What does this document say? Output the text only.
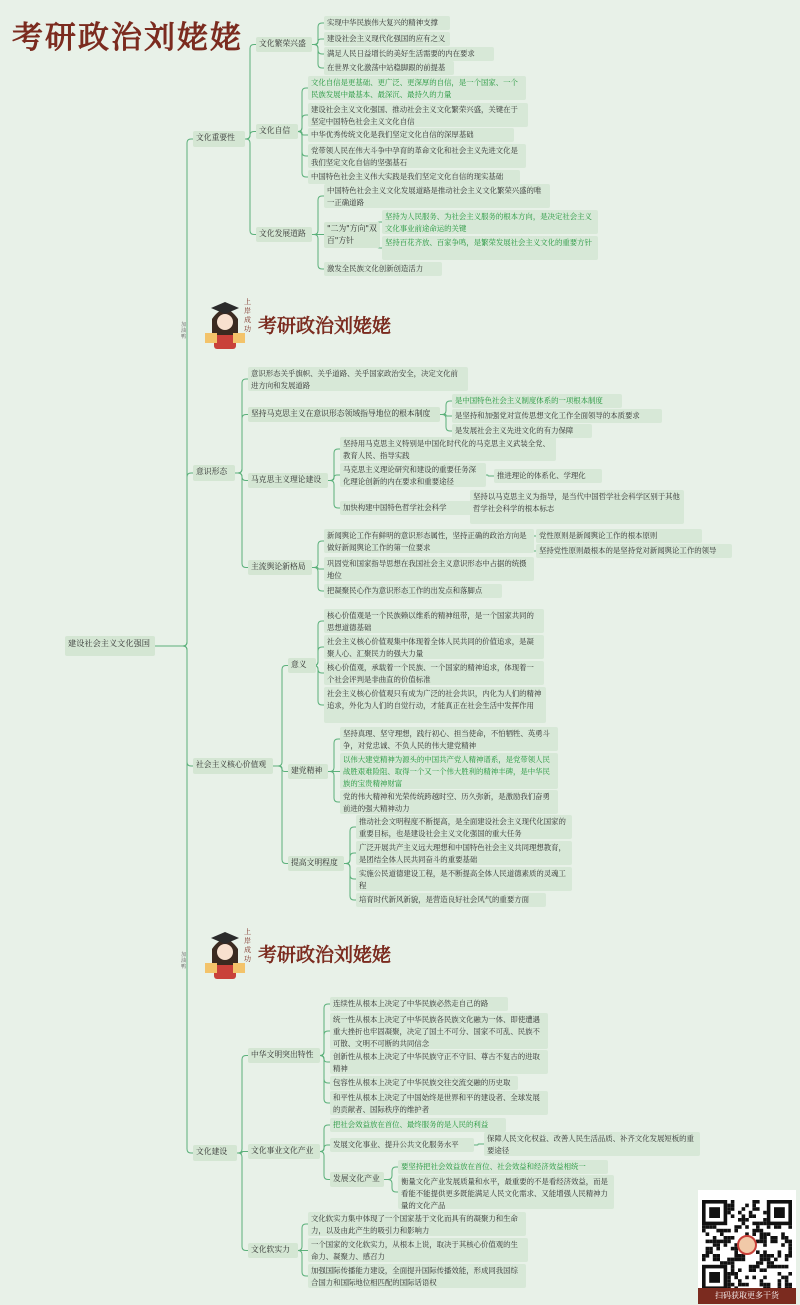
考研政治刘姥姥
上岸成功
加油鸭	考研政治刘姥姥
上岸成功
加油鸭
考研政治刘姥姥
扫码获取更多干货
建设社会主义文化强国
文化重要性
文化繁荣兴盛
实现中华民族伟大复兴的精神支撑
建设社会主义现代化强国的应有之义
满足人民日益增长的美好生活需要的内在要求
在世界文化激荡中站稳脚跟的前提基
文化自信
文化自信是更基础、更广泛、更深厚的自信，是一个国家、一个民族发展中最基本、最深沉、最持久的力量
建设社会主义文化强国、推动社会主义文化繁荣兴盛，关键在于坚定中国特色社会主义文化自信
中华优秀传统文化是我们坚定文化自信的深厚基础
党带领人民在伟大斗争中孕育的革命文化和社会主义先进文化是我们坚定文化自信的坚强基石
中国特色社会主义伟大实践是我们坚定文化自信的现实基础
文化发展道路
中国特色社会主义文化发展道路是推动社会主义文化繁荣兴盛的唯一正确道路
"二为"方向"双百"方针
坚持为人民服务、为社会主义服务的根本方向，是决定社会主义文化事业前途命运的关键
坚持百花齐放、百家争鸣，是繁荣发展社会主义文化的重要方针
激发全民族文化创新创造活力
意识形态
意识形态关乎旗帜、关乎道路、关乎国家政治安全，决定文化前进方向和发展道路
坚持马克思主义在意识形态领域指导地位的根本制度
是中国特色社会主义制度体系的一项根本制度
是坚持和加强党对宣传思想文化工作全面领导的本质要求
是发展社会主义先进文化的有力保障
马克思主义理论建设
坚持用马克思主义特别是中国化时代化的马克思主义武装全党、教育人民、指导实践
马克思主义理论研究和建设的重要任务深化理论创新的内在要求和重要途径
推进理论的体系化、学理化
加快构建中国特色哲学社会科学
坚持以马克思主义为指导，是当代中国哲学社会科学区别于其他哲学社会科学的根本标志
主流舆论新格局
新闻舆论工作有鲜明的意识形态属性，坚持正确的政治方向是做好新闻舆论工作的第一位要求
党性原则是新闻舆论工作的根本原则
坚持党性原则最根本的是坚持党对新闻舆论工作的领导
巩固党和国家指导思想在我国社会主义意识形态中占据的统摄地位
把凝聚民心作为意识形态工作的出发点和落脚点
社会主义核心价值观
意义
核心价值观是一个民族赖以维系的精神纽带，是一个国家共同的思想道德基础
社会主义核心价值观集中体现着全体人民共同的价值追求，是凝聚人心、汇聚民力的强大力量
核心价值观，承载着一个民族、一个国家的精神追求，体现着一个社会评判是非曲直的价值标准
社会主义核心价值观只有成为广泛的社会共识，内化为人们的精神追求，外化为人们的自觉行动，才能真正在社会生活中发挥作用
建党精神
坚持真理、坚守理想，践行初心、担当使命，不怕牺牲、英勇斗争，对党忠诚、不负人民的伟大建党精神
以伟大建党精神为源头的中国共产党人精神谱系，是党带领人民战胜艰难险阻、取得一个又一个伟大胜利的精神丰碑，是中华民族的宝贵精神财富
党的伟大精神和光荣传统跨越时空、历久弥新，是激励我们奋勇前进的强大精神动力
提高文明程度
推动社会文明程度不断提高，是全面建设社会主义现代化国家的重要目标，也是建设社会主义文化强国的重大任务
广泛开展共产主义远大理想和中国特色社会主义共同理想教育，是团结全体人民共同奋斗的重要基础
实施公民道德建设工程，是不断提高全体人民道德素质的灵魂工程
培育时代新风新貌，是营造良好社会风气的重要方面
文化建设
中华文明突出特性
连续性从根本上决定了中华民族必然走自己的路
统一性从根本上决定了中华民族各民族文化融为一体、即使遭遇重大挫折也牢固凝聚，决定了国土不可分、国家不可乱、民族不可散、文明不可断的共同信念
创新性从根本上决定了中华民族守正不守旧、尊古不复古的进取精神
包容性从根本上决定了中华民族交往交流交融的历史取
和平性从根本上决定了中国始终是世界和平的建设者、全球发展的贡献者、国际秩序的维护者
文化事业文化产业
把社会效益放在首位、最终服务的是人民的利益
发展文化事业、提升公共文化服务水平
保障人民文化权益、改善人民生活品质、补齐文化发展短板的重要途径
发展文化产业
要坚持把社会效益放在首位、社会效益和经济效益相统一
衡量文化产业发展质量和水平，最重要的不是看经济效益，而是看能不能提供更多既能满足人民文化需求、又能增强人民精神力量的文化产品
文化软实力
文化软实力集中体现了一个国家基于文化而具有的凝聚力和生命力，以及由此产生的吸引力和影响力
一个国家的文化软实力，从根本上说，取决于其核心价值观的生命力、凝聚力、感召力
加强国际传播能力建设，全面提升国际传播效能，形成同我国综合国力和国际地位相匹配的国际话语权
